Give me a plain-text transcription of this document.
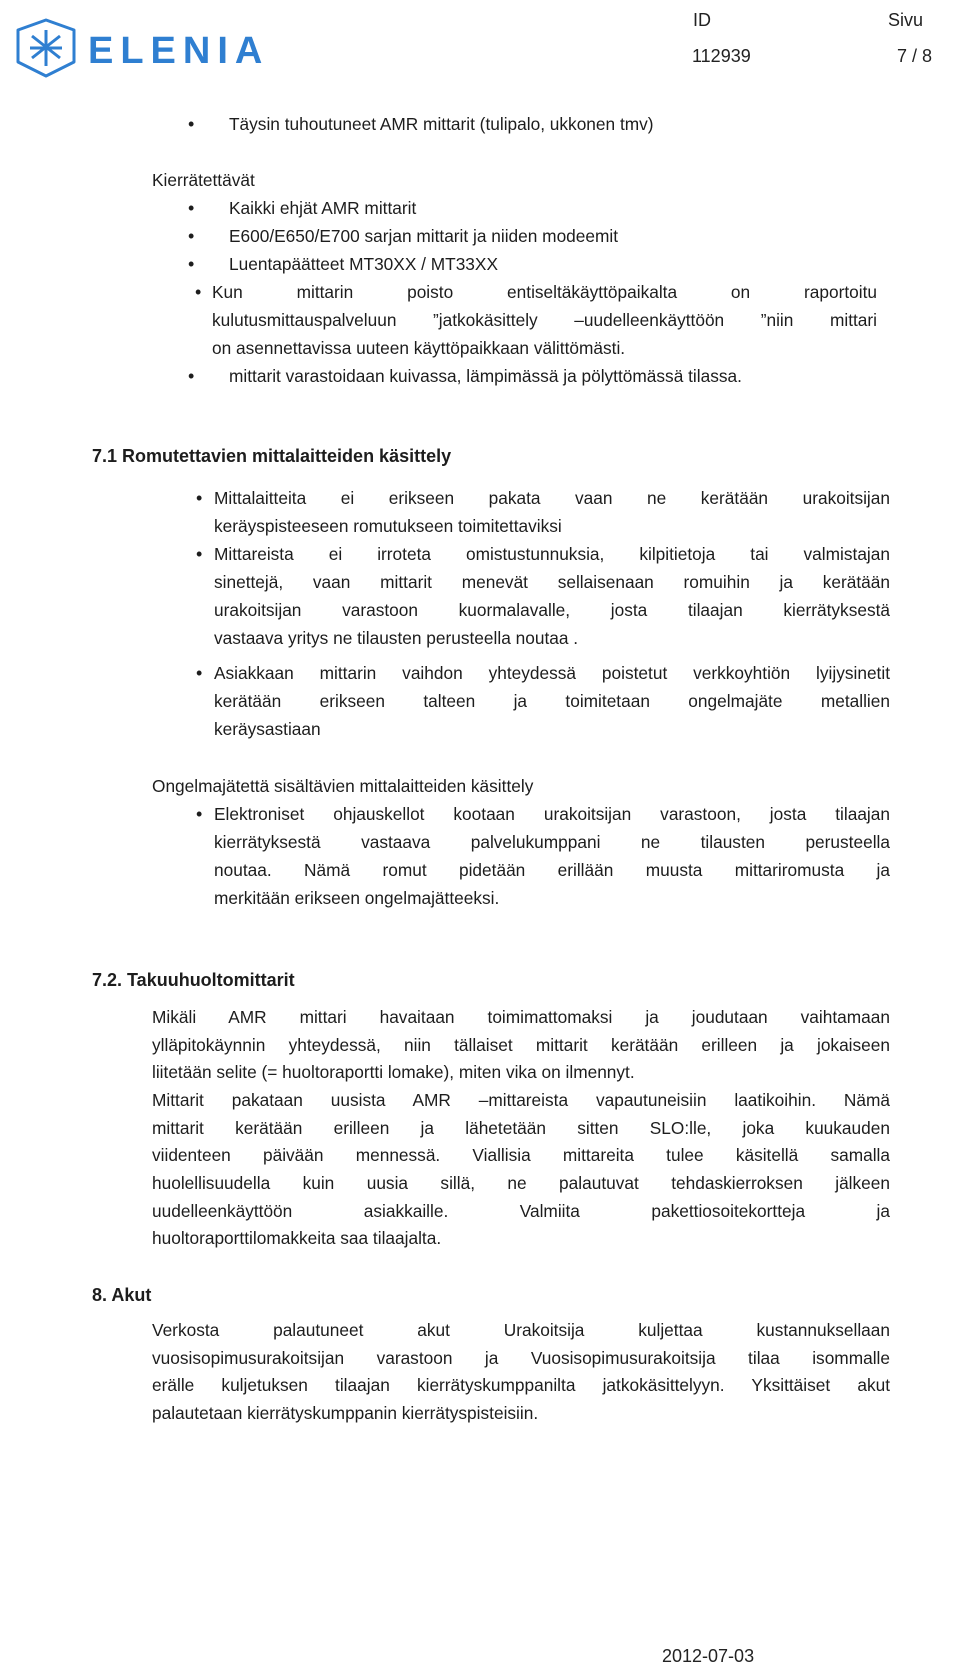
ELENIA
ID	Sivu
112939	7 / 8
• Täysin tuhoutuneet AMR mittarit (tulipalo, ukkonen tmv)
Kierrätettävät
• Kaikki ehjät AMR mittarit
• E600/E650/E700 sarjan mittarit ja niiden modeemit
• Luentapäätteet MT30XX / MT33XX
• Kun mittarin poisto entiseltäkäyttöpaikalta on raportoitu
kulutusmittauspalveluun ”jatkokäsittely –uudelleenkäyttöön ”niin mittari
on asennettavissa uuteen käyttöpaikkaan välittömästi.
• mittarit varastoidaan kuivassa, lämpimässä ja pölyttömässä tilassa.
7.1 Romutettavien mittalaitteiden käsittely
• Mittalaitteita ei erikseen pakata vaan ne kerätään urakoitsijan
keräyspisteeseen romutukseen toimitettaviksi
• Mittareista ei irroteta omistustunnuksia, kilpitietoja tai valmistajan
sinettejä, vaan mittarit menevät sellaisenaan romuihin ja kerätään
urakoitsijan varastoon kuormalavalle, josta tilaajan kierrätyksestä
vastaava yritys ne tilausten perusteella noutaa .
• Asiakkaan mittarin vaihdon yhteydessä poistetut verkkoyhtiön lyijysinetit
kerätään erikseen talteen ja toimitetaan ongelmajäte metallien
keräysastiaan
Ongelmajätettä sisältävien mittalaitteiden käsittely
• Elektroniset ohjauskellot kootaan urakoitsijan varastoon, josta tilaajan
kierrätyksestä vastaava palvelukumppani ne tilausten perusteella
noutaa. Nämä romut pidetään erillään muusta mittariromusta ja
merkitään erikseen ongelmajätteeksi.
7.2. Takuuhuoltomittarit
Mikäli AMR mittari havaitaan toimimattomaksi ja joudutaan vaihtamaan
ylläpitokäynnin yhteydessä, niin tällaiset mittarit kerätään erilleen ja jokaiseen
liitetään selite (= huoltoraportti lomake), miten vika on ilmennyt.
Mittarit pakataan uusista AMR –mittareista vapautuneisiin laatikoihin. Nämä
mittarit kerätään erilleen ja lähetetään sitten SLO:lle, joka kuukauden
viidenteen päivään mennessä. Viallisia mittareita tulee käsitellä samalla
huolellisuudella kuin uusia sillä, ne palautuvat tehdaskierroksen jälkeen
uudelleenkäyttöön asiakkaille. Valmiita pakettiosoitekortteja ja
huoltoraporttilomakkeita saa tilaajalta.
8. Akut
Verkosta palautuneet akut Urakoitsija kuljettaa kustannuksellaan
vuosisopimusurakoitsijan varastoon ja Vuosisopimusurakoitsija tilaa isommalle
erälle kuljetuksen tilaajan kierrätyskumppanilta jatkokäsittelyyn. Yksittäiset akut
palautetaan kierrätyskumppanin kierrätyspisteisiin.
2012-07-03
